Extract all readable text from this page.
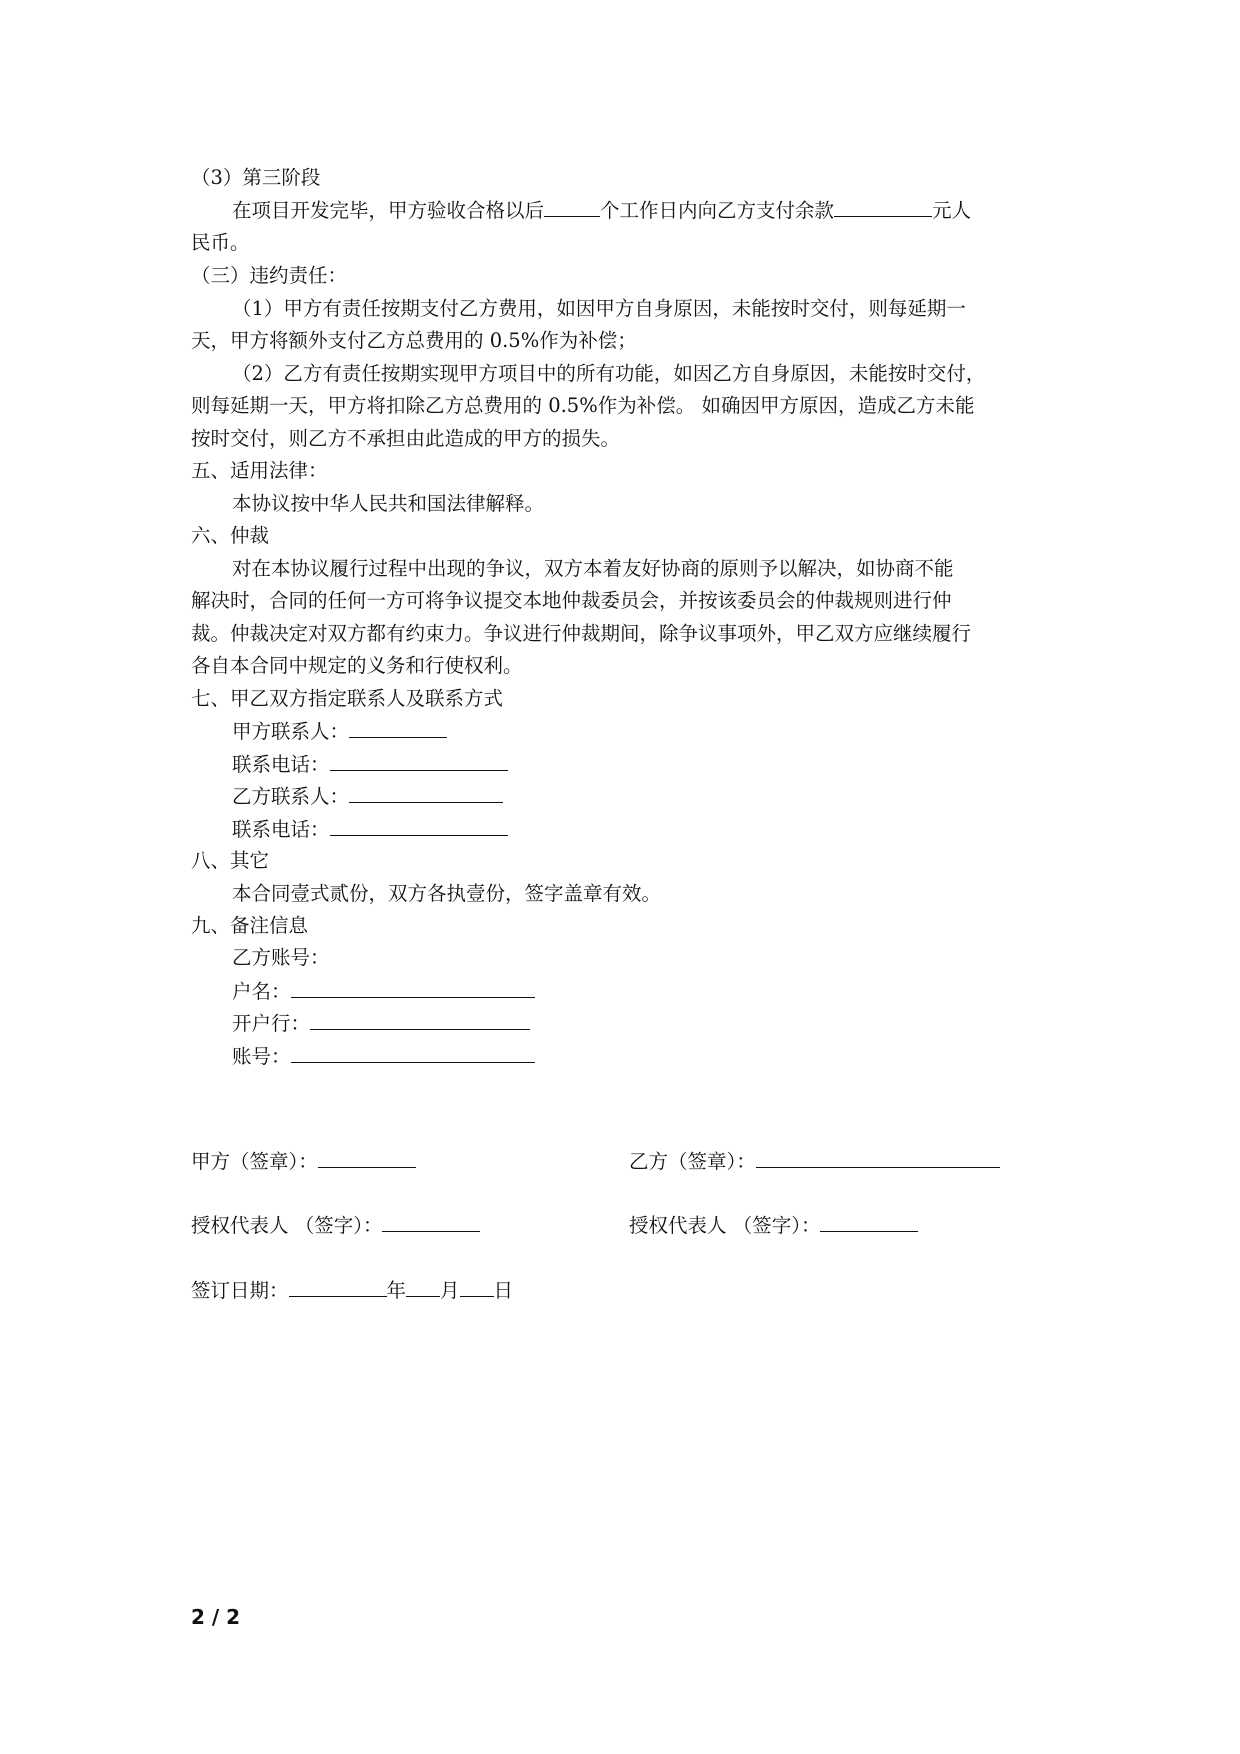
（3）第三阶段
在项目开发完毕，甲方验收合格以后	个工作日内向乙方支付余款	元人
民币。
（三）违约责任：
（1）甲方有责任按期支付乙方费用，如因甲方自身原因，未能按时交付，则每延期一
天，甲方将额外支付乙方总费用的 0.5%作为补偿；
（2）乙方有责任按期实现甲方项目中的所有功能，如因乙方自身原因，未能按时交付，
则每延期一天，甲方将扣除乙方总费用的 0.5%作为补偿。 如确因甲方原因，造成乙方未能
按时交付，则乙方不承担由此造成的甲方的损失。
五、适用法律：
本协议按中华人民共和国法律解释。
六、仲裁
对在本协议履行过程中出现的争议，双方本着友好协商的原则予以解决，如协商不能
解决时，合同的任何一方可将争议提交本地仲裁委员会，并按该委员会的仲裁规则进行仲
裁。仲裁决定对双方都有约束力。争议进行仲裁期间，除争议事项外，甲乙双方应继续履行
各自本合同中规定的义务和行使权利。
七、甲乙双方指定联系人及联系方式
甲方联系人：
联系电话：
乙方联系人：
联系电话：
八、其它
本合同壹式贰份，双方各执壹份，签字盖章有效。
九、备注信息
乙方账号：
户名：
开户行：
账号：
甲方（签章）：	乙方（签章）：
授权代表人 （签字）：	授权代表人 （签字）：
签订日期：	年 月 日
2 / 2
